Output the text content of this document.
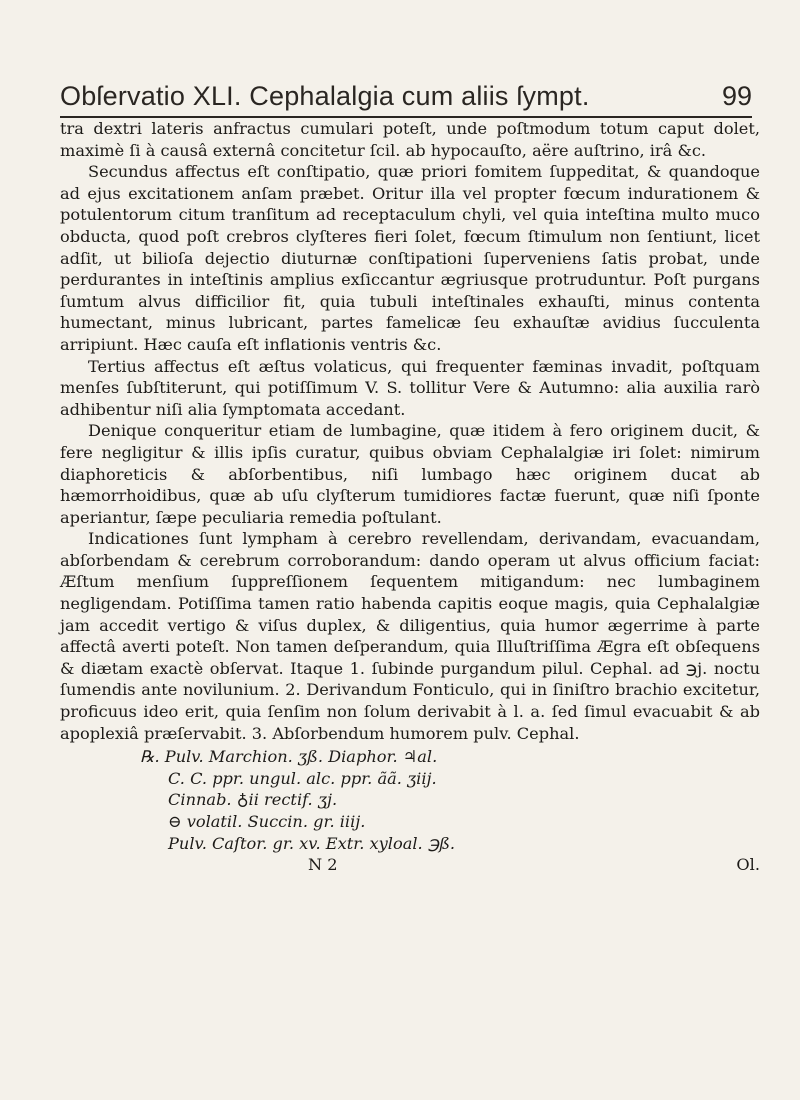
Obſervatio XLI. Cephalalgia cum aliis ſympt.	99

tra dextri lateris anfractus cumulari poteſt, unde poſtmodum totum caput dolet, maximè ſi à causâ externâ concitetur ſcil. ab hypocauſto, aëre auſtrino, irâ &c.

Secundus affectus eſt conſtipatio, quæ priori fomitem ſuppeditat, & quandoque ad ejus excitationem anſam præbet. Oritur illa vel propter fœcum indurationem & potulentorum citum tranſitum ad receptaculum chyli, vel quia inteſtina multo muco obducta, quod poſt crebros clyſteres fieri ſolet, fœcum ſtimulum non ſentiunt, licet adſit, ut bilioſa dejectio diuturnæ conſtipationi ſuperveniens ſatis probat, unde perdurantes in inteſtinis amplius exſiccantur ægriusque protruduntur. Poſt purgans ſumtum alvus difficilior fit, quia tubuli inteſtinales exhauſti, minus contenta humectant, minus lubricant, partes famelicæ ſeu exhauſtæ avidius ſucculenta arripiunt. Hæc cauſa eſt inflationis ventris &c.

Tertius affectus eſt æſtus volaticus, qui frequenter fæminas invadit, poſtquam menſes ſubſtiterunt, qui potiſſimum V. S. tollitur Vere & Autumno: alia auxilia rarò adhibentur niſi alia ſymptomata accedant.

Denique conqueritur etiam de lumbagine, quæ itidem à fero originem ducit, & fere negligitur & illis ipſis curatur, quibus obviam Cephalalgiæ iri ſolet: nimirum diaphoreticis & abſorbentibus, niſi lumbago hæc originem ducat ab hæmorrhoidibus, quæ ab uſu clyſterum tumidiores factæ fuerunt, quæ niſi ſponte aperiantur, ſæpe peculiaria remedia poſtulant.

Indicationes ſunt lympham à cerebro revellendam, derivandam, evacuandam, abſorbendam & cerebrum corroborandum: dando operam ut alvus officium faciat: Æſtum menſium ſuppreſſionem ſequentem mitigandum: nec lumbaginem negligendam. Potiſſima tamen ratio habenda capitis eoque magis, quia Cephalalgiæ jam accedit vertigo & viſus duplex, & diligentius, quia humor ægerrime à parte affectâ averti poteſt. Non tamen deſperandum, quia Illuſtriſſima Ægra eſt obſequens & diætam exactè obſervat. Itaque 1. ſubinde purgandum pilul. Cephal. ad ℈j. noctu ſumendis ante novilunium. 2. Derivandum Fonticulo, qui in ſiniſtro brachio excitetur, proficuus ideo erit, quia ſenſim non ſolum derivabit à l. a. ſed ſimul evacuabit & ab apoplexiâ præſervabit. 3. Abſorbendum humorem pulv. Cephal.

℞. Pulv. Marchion. ʒß. Diaphor. ♃al.
C. C. ppr. ungul. alc. ppr. ãã. ʒiij.
Cinnab. ♁ii rectif. ʒj.
⊖ volatil. Succin. gr. iiij.
Pulv. Caſtor. gr. xv. Extr. xyloal. ℈ß.
N 2	Ol.
